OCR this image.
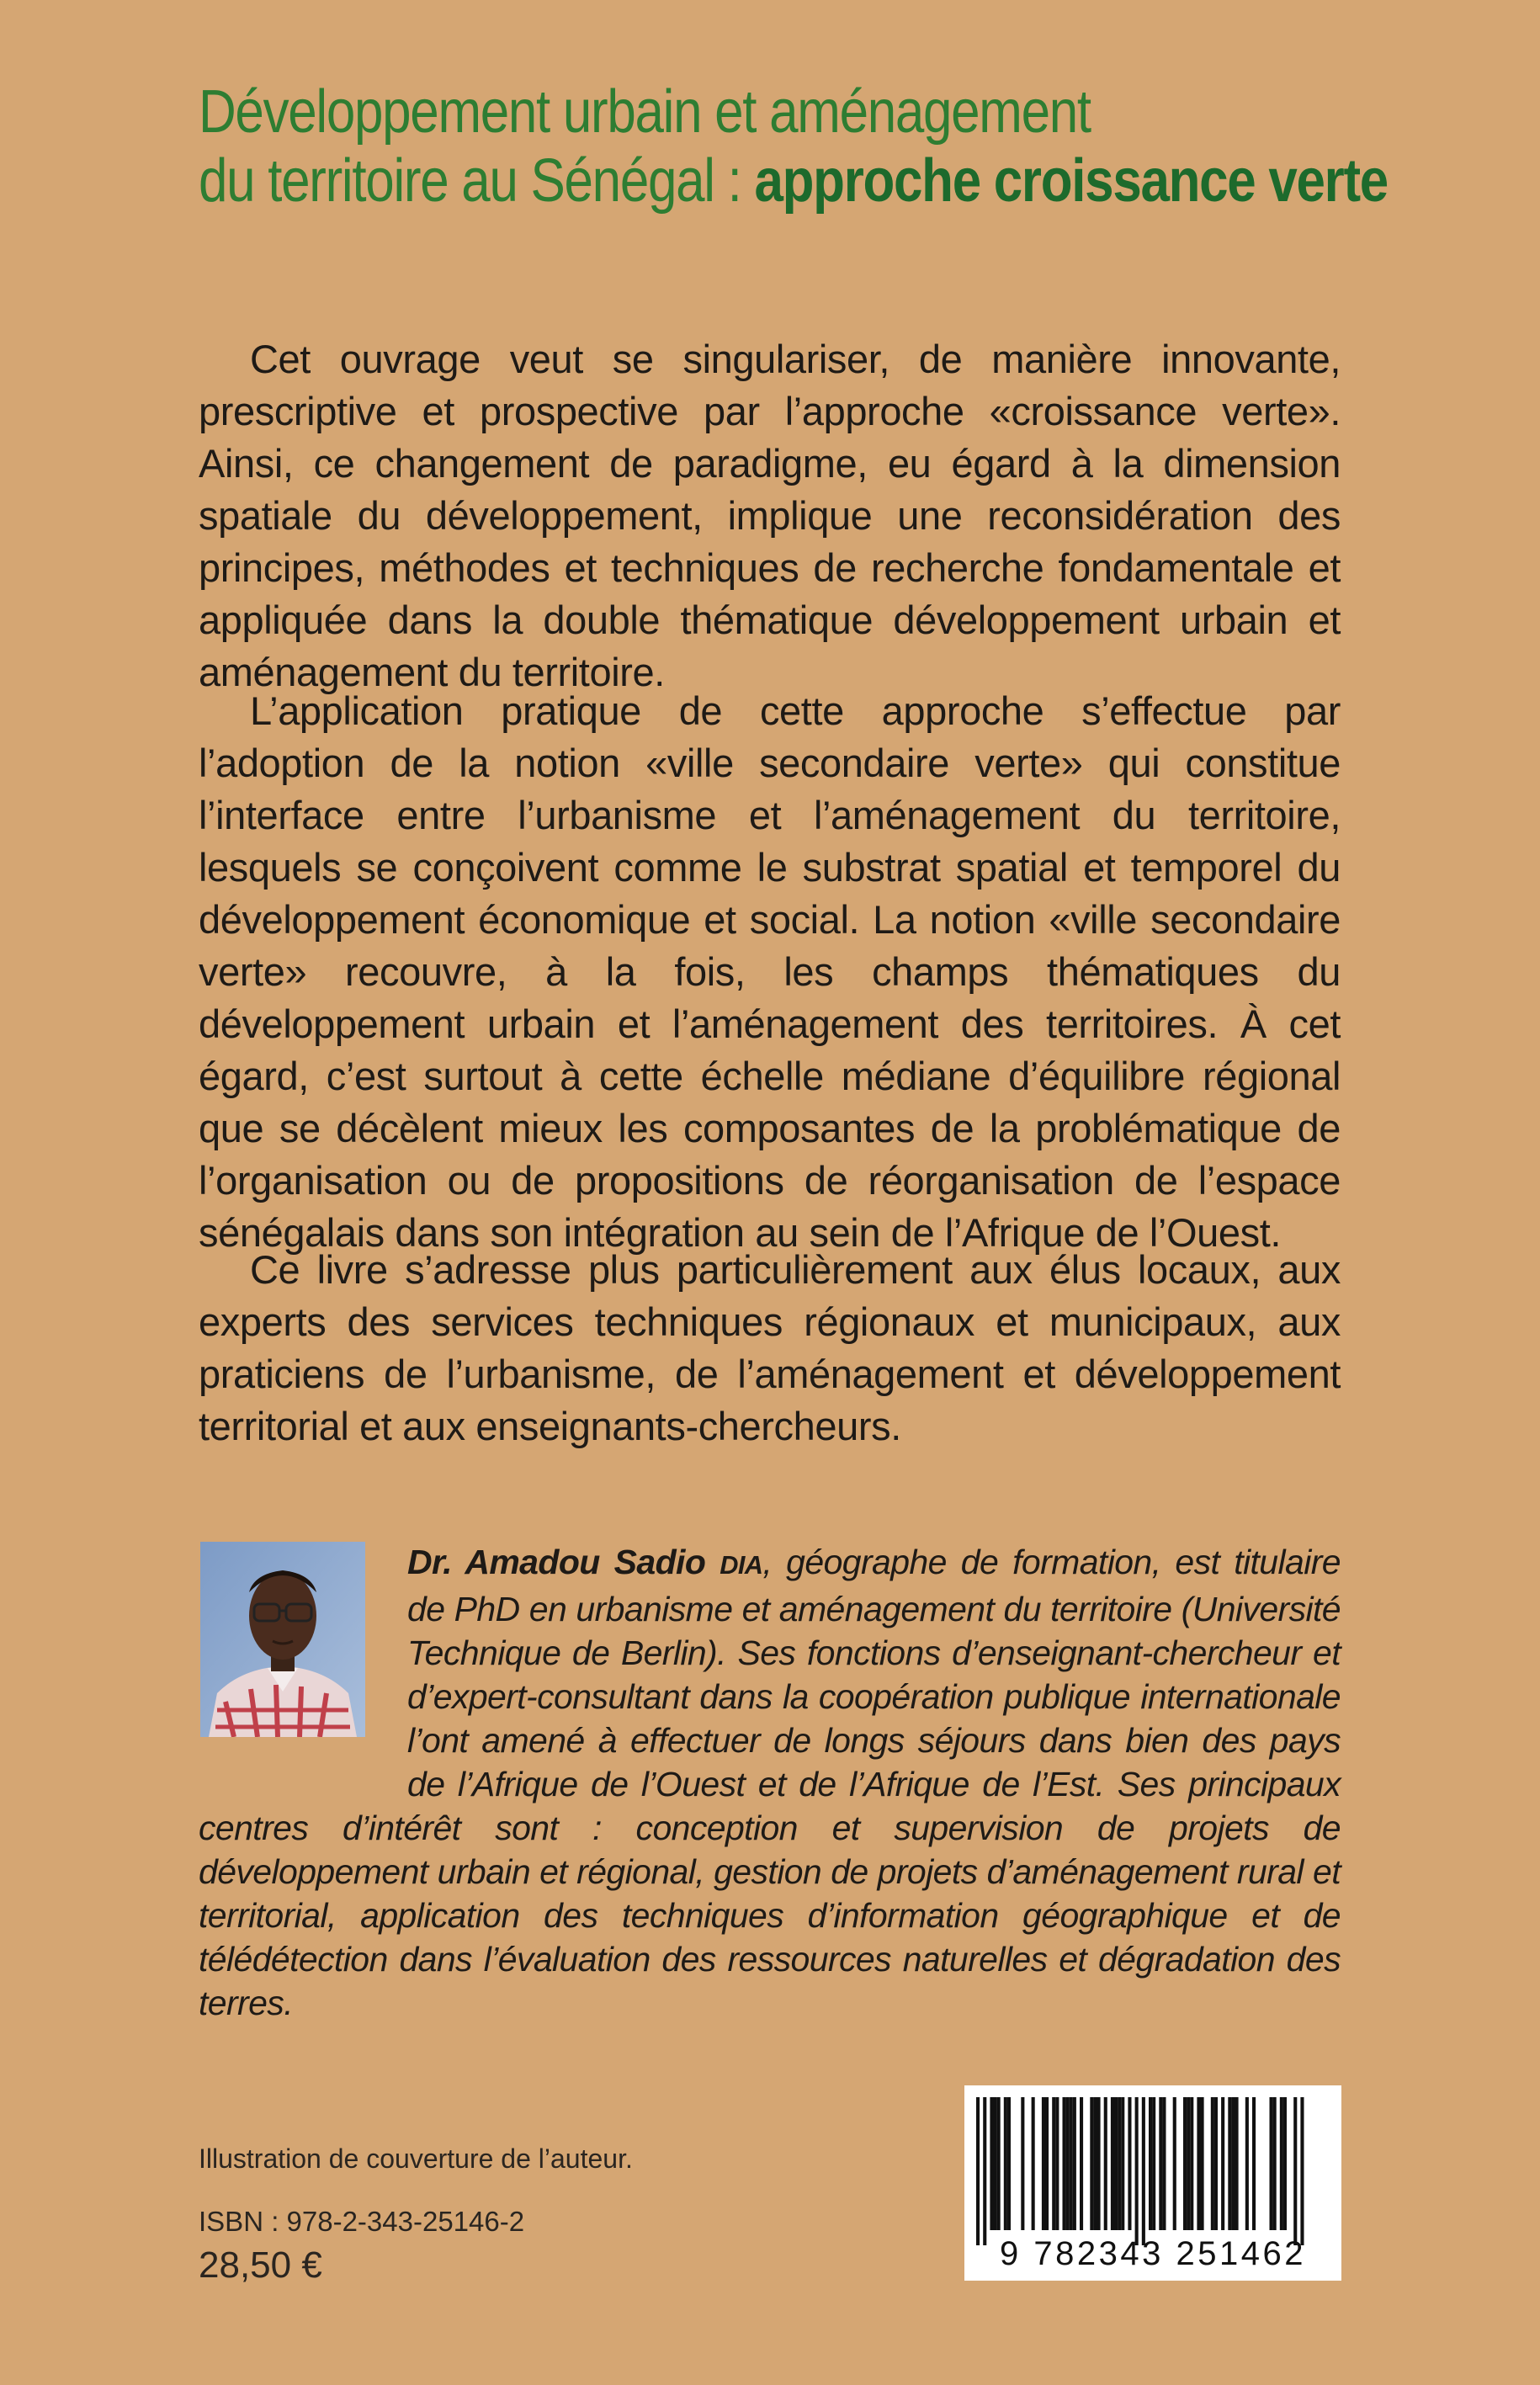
Développement urbain et aménagement
du territoire au Sénégal : approche croissance verte

Cet ouvrage veut se singulariser, de manière innovante, prescriptive et prospective par l’approche «croissance verte». Ainsi, ce changement de paradigme, eu égard à la dimension spatiale du développement, implique une reconsidération des principes, méthodes et techniques de recherche fondamentale et appliquée dans la double thématique développement urbain et aménagement du territoire.

L’application pratique de cette approche s’effectue par l’adoption de la notion «ville secondaire verte» qui constitue l’interface entre l’urbanisme et l’aménagement du territoire, lesquels se conçoivent comme le substrat spatial et temporel du développement économique et social. La notion «ville secondaire verte» recouvre, à la fois, les champs thématiques du développement urbain et l’aménagement des territoires. À cet égard, c’est surtout à cette échelle médiane d’équilibre régional que se décèlent mieux les composantes de la problématique de l’organisation ou de propositions de réorganisation de l’espace sénégalais dans son intégration au sein de l’Afrique de l’Ouest.

Ce livre s’adresse plus particulièrement aux élus locaux, aux experts des services techniques régionaux et municipaux, aux praticiens de l’urbanisme, de l’aménagement et développement territorial et aux enseignants-chercheurs.

Dr. Amadou Sadio DIA, géographe de formation, est titulaire de PhD en urbanisme et aménagement du territoire (Université Technique de Berlin). Ses fonctions d’enseignant-chercheur et d’expert-consultant dans la coopération publique internationale l’ont amené à effectuer de longs séjours dans bien des pays de l’Afrique de l’Ouest et de l’Afrique de l’Est. Ses principaux centres d’intérêt sont : conception et supervision de projets de développement urbain et régional, gestion de projets d’aménagement rural et territorial, application des techniques d’information géographique et de télédétection dans l’évaluation des ressources naturelles et dégradation des terres.

Illustration de couverture de l’auteur.
ISBN : 978-2-343-25146-2
28,50 €	9 782343 251462
